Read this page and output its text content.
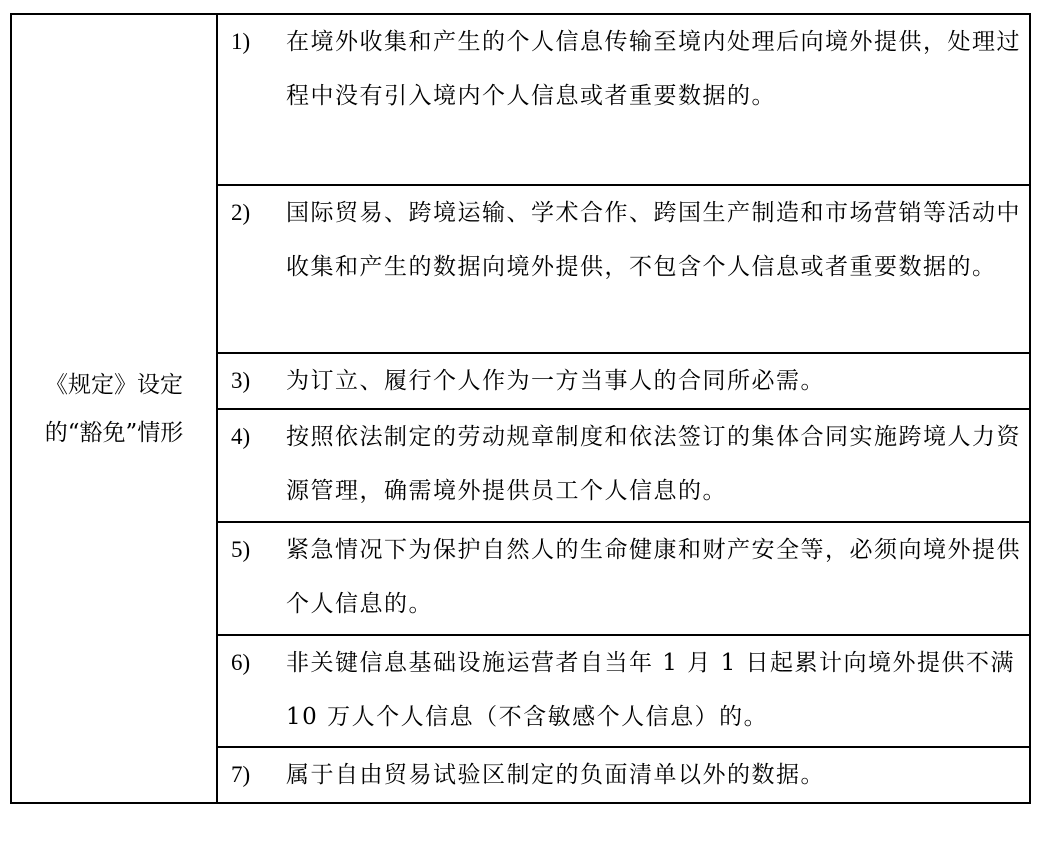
《规定》设定的“豁免”情形

1)	在境外收集和产生的个人信息传输至境内处理后向境外提供，处理过程中没有引入境内个人信息或者重要数据的。

2)	国际贸易、跨境运输、学术合作、跨国生产制造和市场营销等活动中收集和产生的数据向境外提供，不包含个人信息或者重要数据的。

3)	为订立、履行个人作为一方当事人的合同所必需。

4)	按照依法制定的劳动规章制度和依法签订的集体合同实施跨境人力资源管理，确需境外提供员工个人信息的。

5)	紧急情况下为保护自然人的生命健康和财产安全等，必须向境外提供个人信息的。

6)	非关键信息基础设施运营者自当年 1 月 1 日起累计向境外提供不满 10 万人个人信息（不含敏感个人信息）的。

7)	属于自由贸易试验区制定的负面清单以外的数据。
